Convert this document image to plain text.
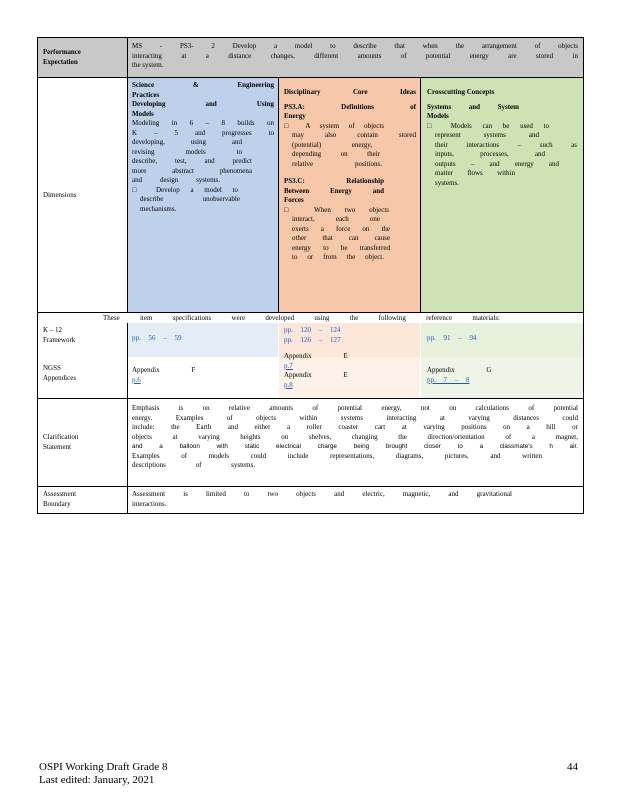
Performance
Expectation
MS - PS3- 2 Develop a model to describe that when the arrangement of objects
interacting at a distance changes, different amounts of potential energy are stored in
the system.
Dimensions
Science & Engineering
Practices
Developing and Using
Models
Modeling in 6 – 8 builds on
K – 5 and progresses to
developing, using and
revising models to
describe, test, and predict
more abstract phenomena
and design systems.
□ Develop a model to
describe unobservable
mechanisms.
Disciplinary Core Ideas
PS3.A: Definitions of
Energy
□ A system of objects
may also contain stored
(potential) energy,
depending on their
relative positions.
PS3.C: Relationship
Between Energy and
Forces
□ When two objects
interact, each one
exerts a force on the
other that can cause
energy to be transferred
to or from the object.
Crosscutting Concepts
Systems and System
Models
□ Models can be used to
represent systems and
their interactions – such as
inputs, processes, and
outputs – and energy and
matter flows within
systems.
These item specifications were developed using the following reference materials:
K – 12
Framework	pp. 56 – 59
pp. 120 – 124
pp. 126 – 127	pp. 91 – 94
NGSS
Appendices
Appendix F
p.6
Appendix E
p.7
Appendix E
p.8
Appendix G
pp. 7 – 8
Clarification
Statement
Emphasis is on relative amounts of potential energy, not on calculations of potential
energy. Examples of objects within systems interacting at varying distances could
include: the Earth and either a roller coaster cart at varying positions on a hill or
objects at varying heights on shelves, changing the direction/orientation of a magnet,
and a balloon with static electrical charge being brought closer to a classmate's h air.
Examples of models could include representations, diagrams, pictures, and written
descriptions of systems.
Assessment
Boundary
Assessment is limited to two objects and electric, magnetic, and gravitational
interactions.
OSPI Working Draft Grade 8
Last edited: January, 2021
44
